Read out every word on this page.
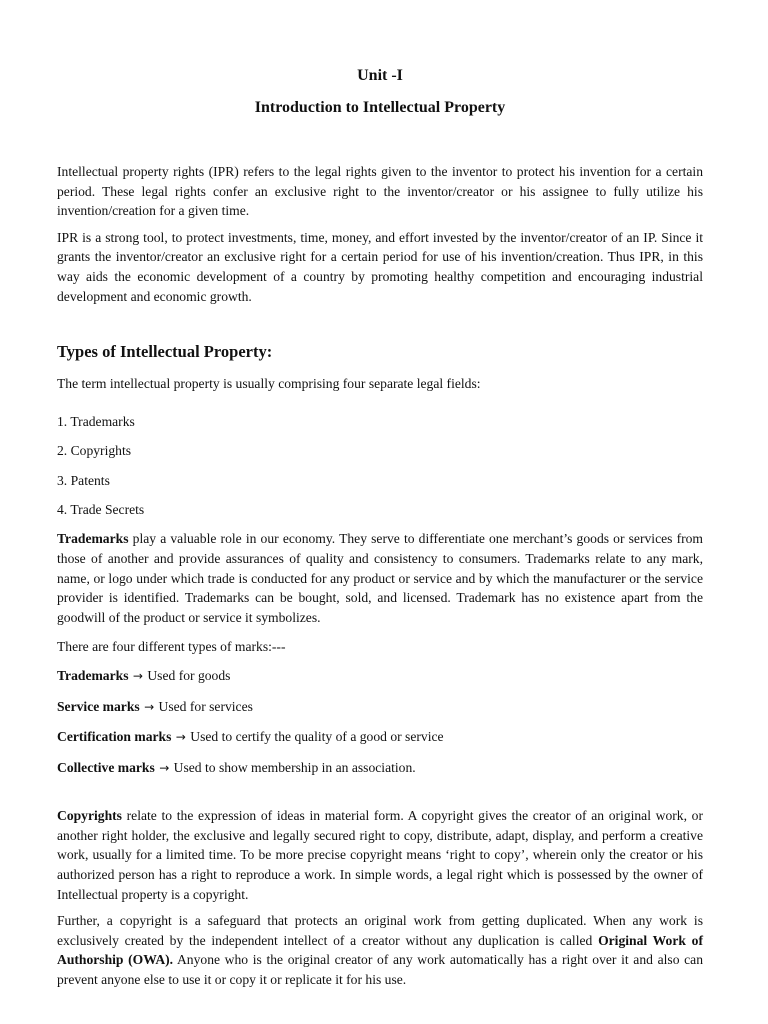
Unit -I
Introduction to Intellectual Property

Intellectual property rights (IPR) refers to the legal rights given to the inventor to protect his invention for a certain period. These legal rights confer an exclusive right to the inventor/creator or his assignee to fully utilize his invention/creation for a given time.

IPR is a strong tool, to protect investments, time, money, and effort invested by the inventor/creator of an IP. Since it grants the inventor/creator an exclusive right for a certain period for use of his invention/creation. Thus IPR, in this way aids the economic development of a country by promoting healthy competition and encouraging industrial development and economic growth.

Types of Intellectual Property:

The term intellectual property is usually comprising four separate legal fields:

1. Trademarks
2. Copyrights
3. Patents
4. Trade Secrets

Trademarks play a valuable role in our economy. They serve to differentiate one merchant’s goods or services from those of another and provide assurances of quality and consistency to consumers. Trademarks relate to any mark, name, or logo under which trade is conducted for any product or service and by which the manufacturer or the service provider is identified. Trademarks can be bought, sold, and licensed. Trademark has no existence apart from the goodwill of the product or service it symbolizes.

There are four different types of marks:---
Trademarks → Used for goods
Service marks → Used for services
Certification marks → Used to certify the quality of a good or service
Collective marks → Used to show membership in an association.

Copyrights relate to the expression of ideas in material form. A copyright gives the creator of an original work, or another right holder, the exclusive and legally secured right to copy, distribute, adapt, display, and perform a creative work, usually for a limited time. To be more precise copyright means ‘right to copy’, wherein only the creator or his authorized person has a right to reproduce a work. In simple words, a legal right which is possessed by the owner of Intellectual property is a copyright.

Further, a copyright is a safeguard that protects an original work from getting duplicated. When any work is exclusively created by the independent intellect of a creator without any duplication is called Original Work of Authorship (OWA). Anyone who is the original creator of any work automatically has a right over it and also can prevent anyone else to use it or copy it or replicate it for his use.
